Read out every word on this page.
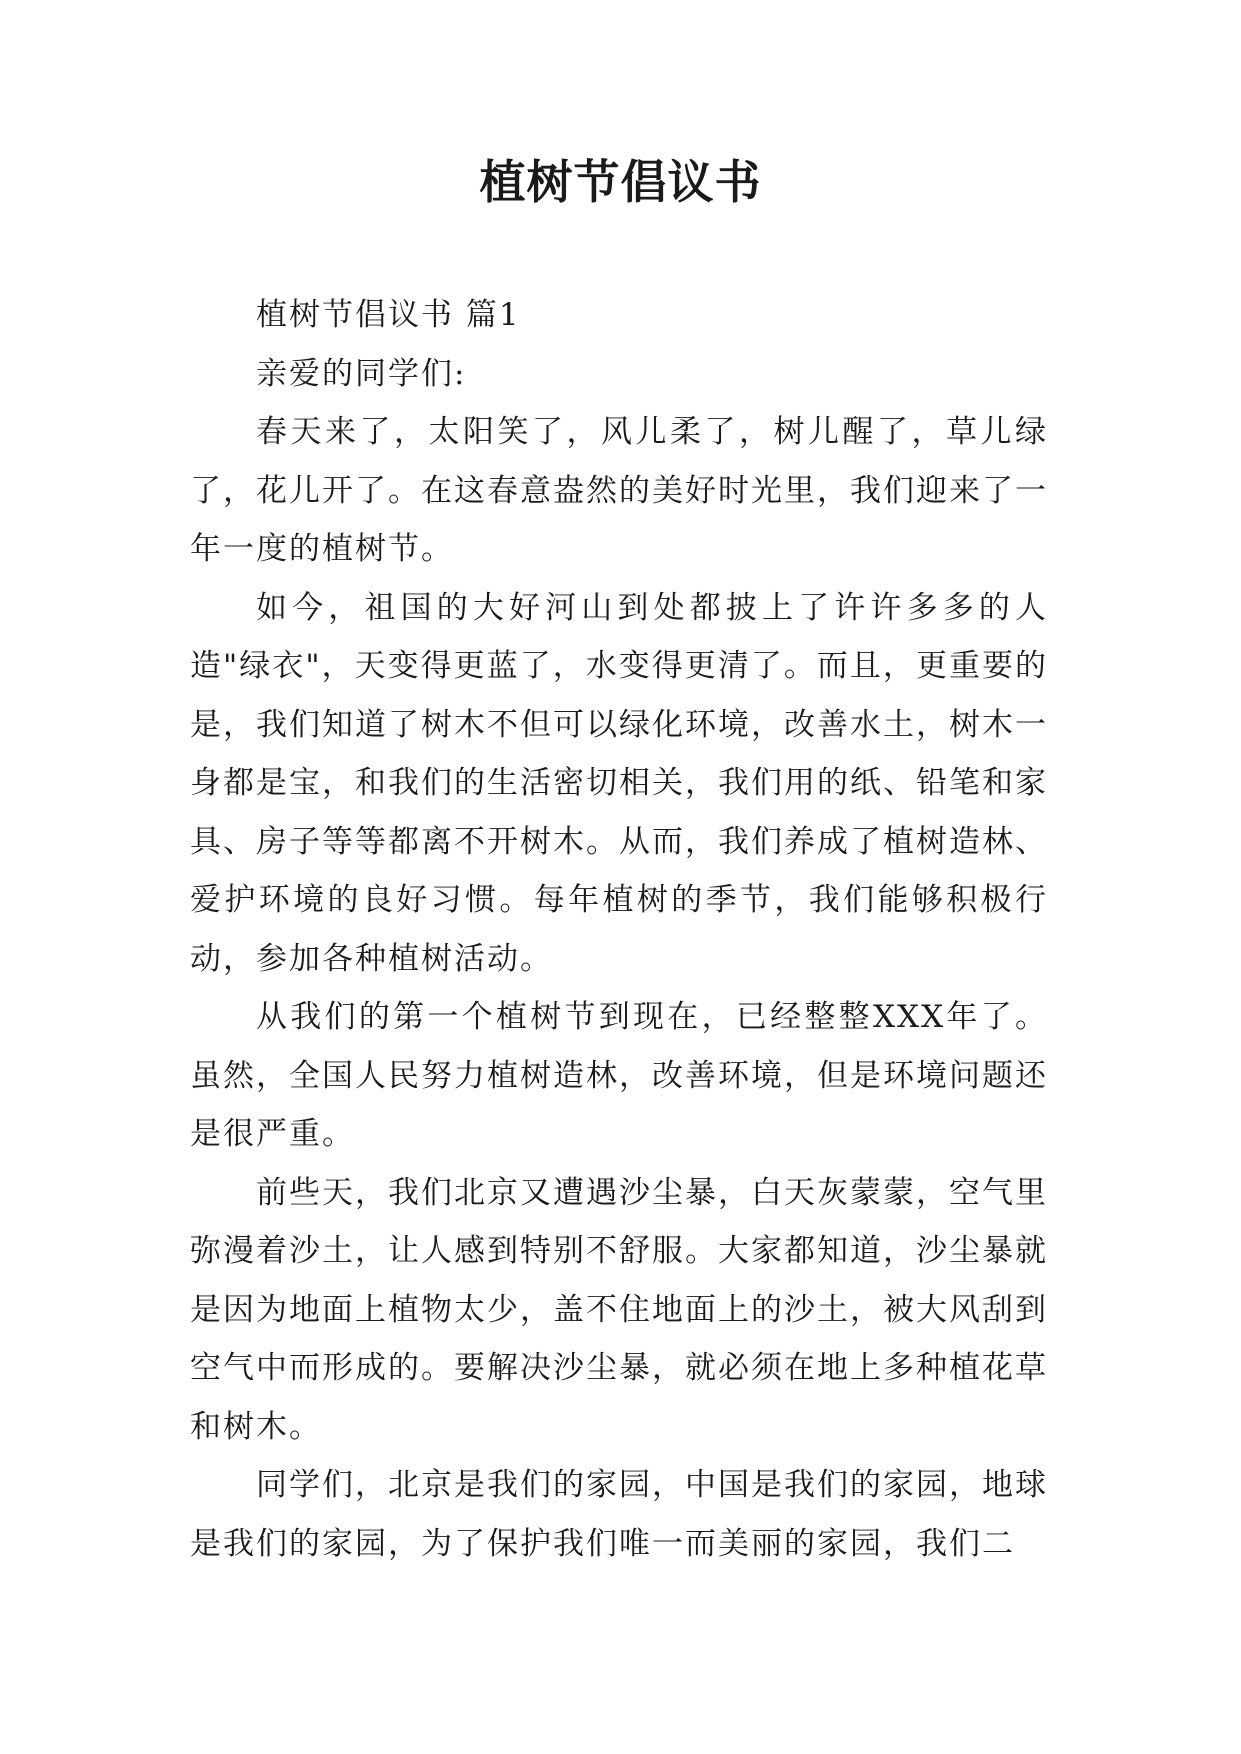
植树节倡议书

植树节倡议书 篇1

亲爱的同学们:

春天来了，太阳笑了，风儿柔了，树儿醒了，草儿绿了，花儿开了。在这春意盎然的美好时光里，我们迎来了一年一度的植树节。

如今，祖国的大好河山到处都披上了许许多多的人造"绿衣"，天变得更蓝了，水变得更清了。而且，更重要的是，我们知道了树木不但可以绿化环境，改善水土，树木一身都是宝，和我们的生活密切相关，我们用的纸、铅笔和家具、房子等等都离不开树木。从而，我们养成了植树造林、爱护环境的良好习惯。每年植树的季节，我们能够积极行动，参加各种植树活动。

从我们的第一个植树节到现在，已经整整XXX年了。虽然，全国人民努力植树造林，改善环境，但是环境问题还是很严重。

前些天，我们北京又遭遇沙尘暴，白天灰蒙蒙，空气里弥漫着沙土，让人感到特别不舒服。大家都知道，沙尘暴就是因为地面上植物太少，盖不住地面上的沙土，被大风刮到空气中而形成的。要解决沙尘暴，就必须在地上多种植花草和树木。

同学们，北京是我们的家园，中国是我们的家园，地球是我们的家园，为了保护我们唯一而美丽的家园，我们二
